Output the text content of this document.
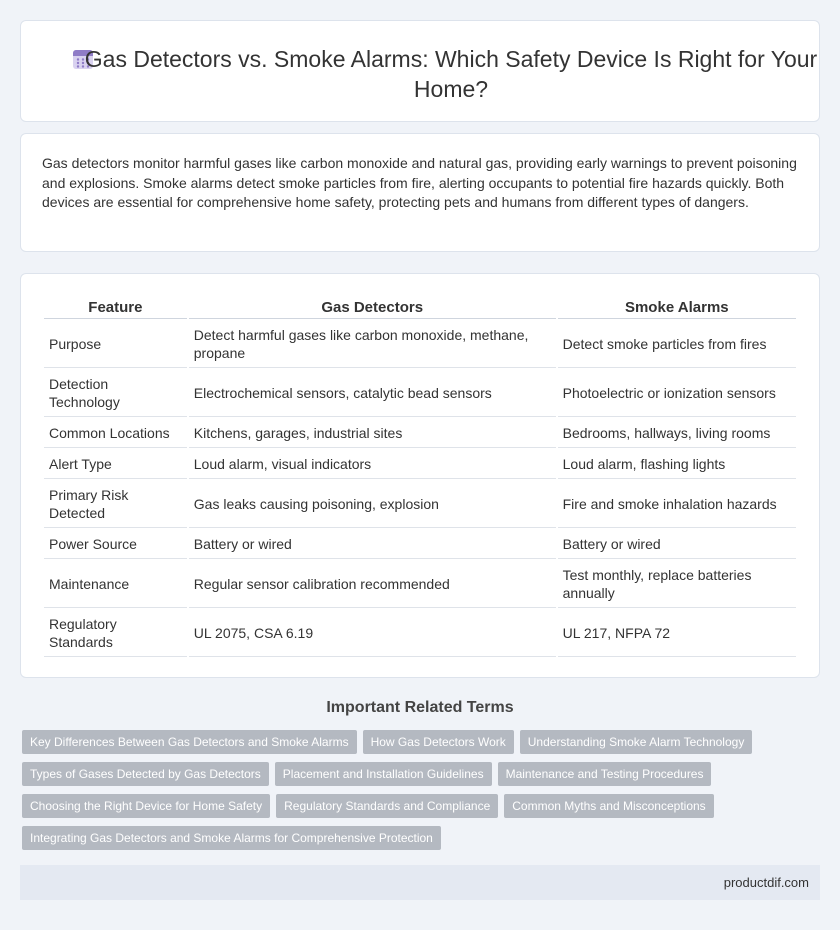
Gas Detectors vs. Smoke Alarms: Which Safety Device Is Right for Your Home?

Gas detectors monitor harmful gases like carbon monoxide and natural gas, providing early warnings to prevent poisoning and explosions. Smoke alarms detect smoke particles from fire, alerting occupants to potential fire hazards quickly. Both devices are essential for comprehensive home safety, protecting pets and humans from different types of dangers.

Feature	Gas Detectors	Smoke Alarms
Purpose	Detect harmful gases like carbon monoxide, methane, propane	Detect smoke particles from fires
Detection Technology	Electrochemical sensors, catalytic bead sensors	Photoelectric or ionization sensors
Common Locations	Kitchens, garages, industrial sites	Bedrooms, hallways, living rooms
Alert Type	Loud alarm, visual indicators	Loud alarm, flashing lights
Primary Risk Detected	Gas leaks causing poisoning, explosion	Fire and smoke inhalation hazards
Power Source	Battery or wired	Battery or wired
Maintenance	Regular sensor calibration recommended	Test monthly, replace batteries annually
Regulatory Standards	UL 2075, CSA 6.19	UL 217, NFPA 72
Important Related Terms
Key Differences Between Gas Detectors and Smoke Alarms	How Gas Detectors Work	Understanding Smoke Alarm Technology
Types of Gases Detected by Gas Detectors	Placement and Installation Guidelines	Maintenance and Testing Procedures
Choosing the Right Device for Home Safety	Regulatory Standards and Compliance	Common Myths and Misconceptions
Integrating Gas Detectors and Smoke Alarms for Comprehensive Protection
productdif.com
